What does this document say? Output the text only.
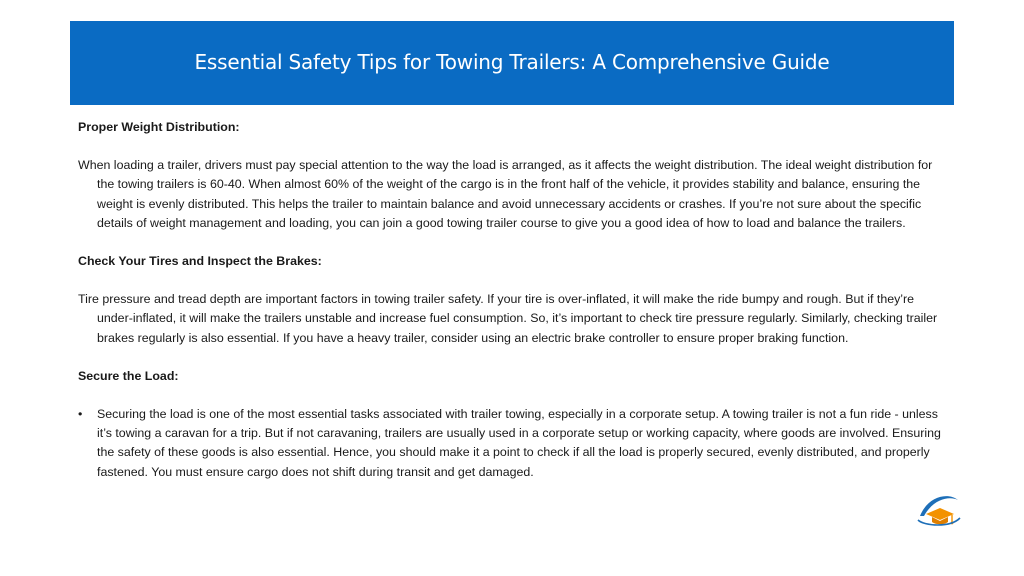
Essential Safety Tips for Towing Trailers: A Comprehensive Guide

Proper Weight Distribution:

When loading a trailer, drivers must pay special attention to the way the load is arranged, as it affects the weight distribution. The ideal weight distribution for the towing trailers is 60-40. When almost 60% of the weight of the cargo is in the front half of the vehicle, it provides stability and balance, ensuring the weight is evenly distributed. This helps the trailer to maintain balance and avoid unnecessary accidents or crashes. If you’re not sure about the specific details of weight management and loading, you can join a good towing trailer course to give you a good idea of how to load and balance the trailers.

Check Your Tires and Inspect the Brakes:

Tire pressure and tread depth are important factors in towing trailer safety. If your tire is over-inflated, it will make the ride bumpy and rough. But if they’re under-inflated, it will make the trailers unstable and increase fuel consumption. So, it’s important to check tire pressure regularly. Similarly, checking trailer brakes regularly is also essential. If you have a heavy trailer, consider using an electric brake controller to ensure proper braking function.

Secure the Load:

•	Securing the load is one of the most essential tasks associated with trailer towing, especially in a corporate setup. A towing trailer is not a fun ride - unless it’s towing a caravan for a trip. But if not caravaning, trailers are usually used in a corporate setup or working capacity, where goods are involved. Ensuring the safety of these goods is also essential. Hence, you should make it a point to check if all the load is properly secured, evenly distributed, and properly fastened. You must ensure cargo does not shift during transit and get damaged.
